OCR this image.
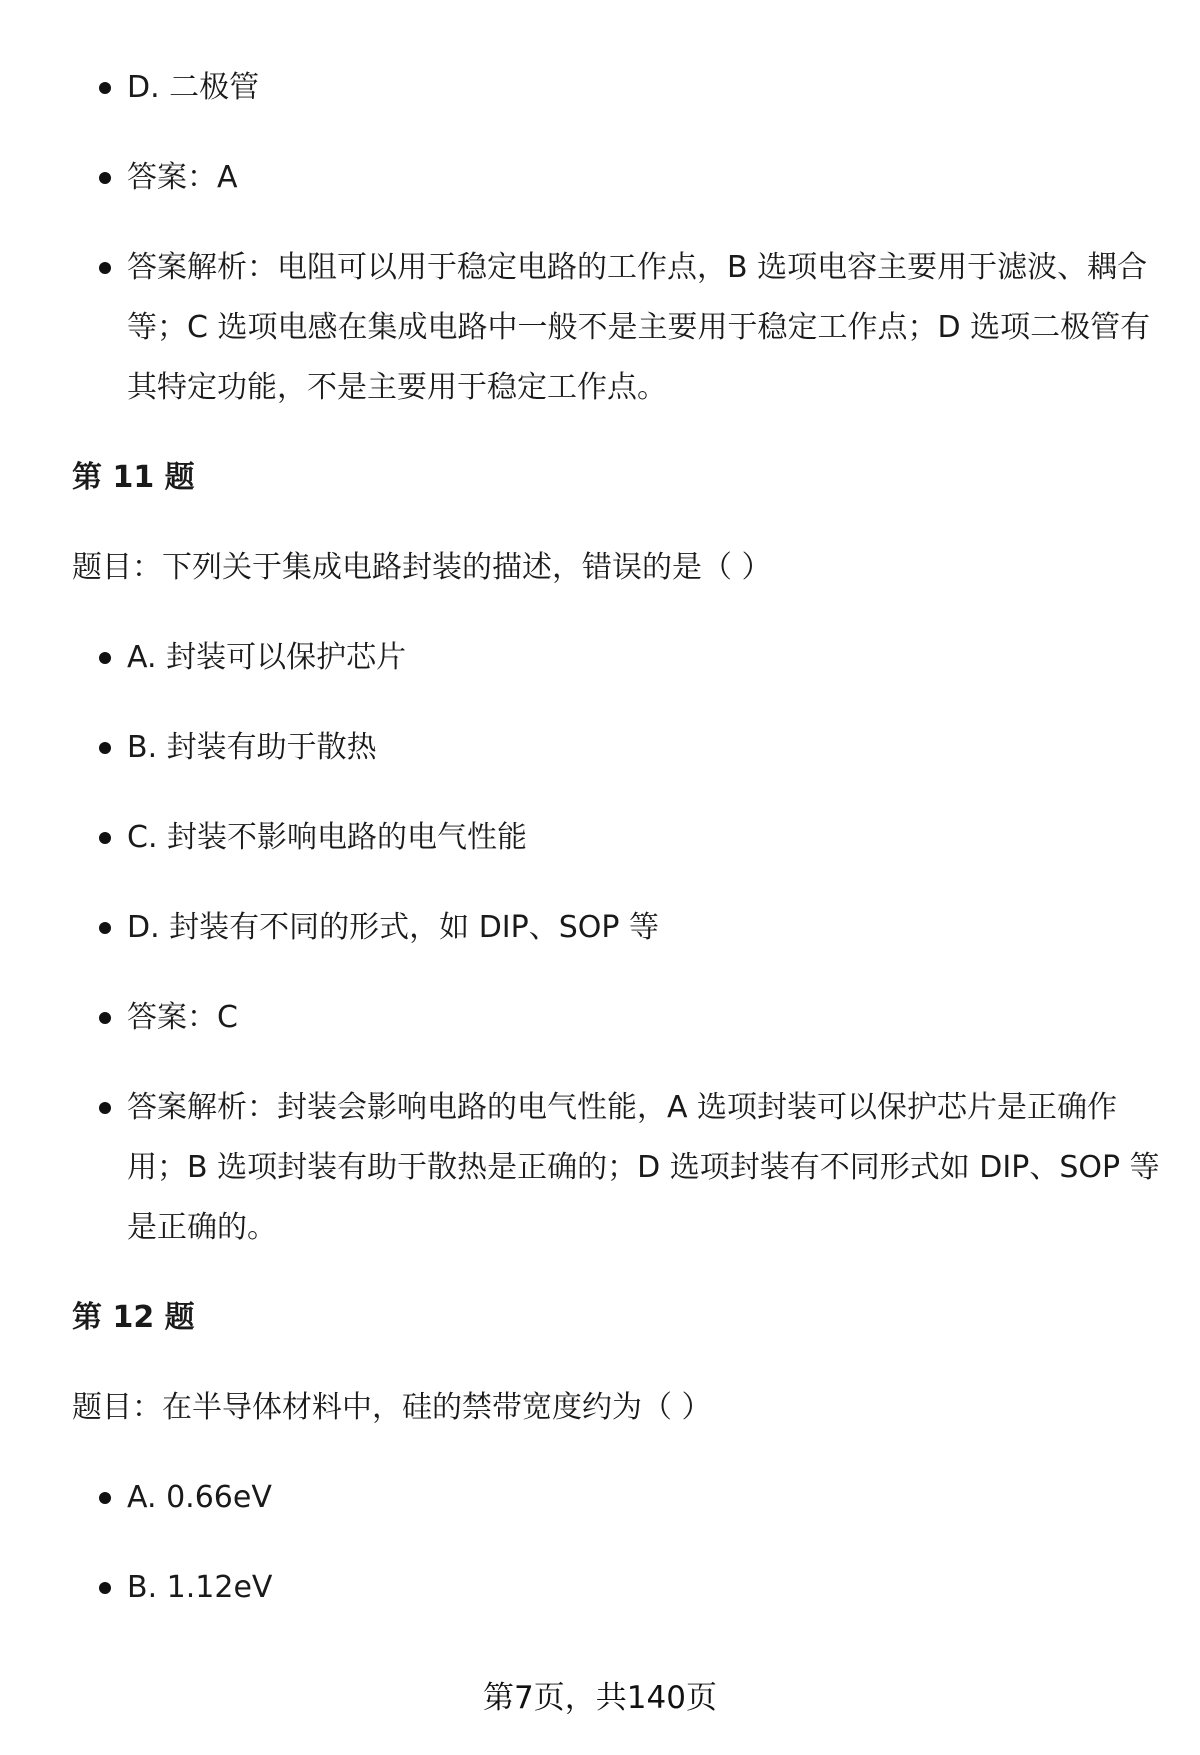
D. 二极管
答案：A
答案解析：电阻可以用于稳定电路的工作点，B 选项电容主要用于滤波、耦合
等；C 选项电感在集成电路中一般不是主要用于稳定工作点；D 选项二极管有
其特定功能，不是主要用于稳定工作点。
第 11 题
题目：下列关于集成电路封装的描述，错误的是（ ）
A. 封装可以保护芯片
B. 封装有助于散热
C. 封装不影响电路的电气性能
D. 封装有不同的形式，如 DIP、SOP 等
答案：C
答案解析：封装会影响电路的电气性能，A 选项封装可以保护芯片是正确作
用；B 选项封装有助于散热是正确的；D 选项封装有不同形式如 DIP、SOP 等
是正确的。
第 12 题
题目：在半导体材料中，硅的禁带宽度约为（ ）
A. 0.66eV
B. 1.12eV
第7页，共140页
